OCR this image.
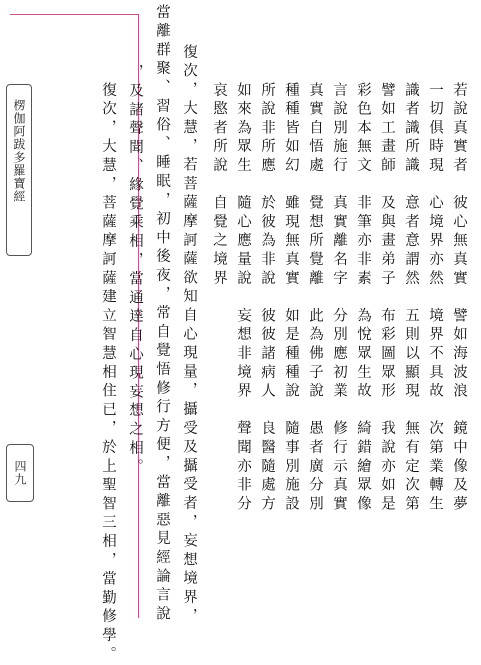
楞伽阿跋多羅寶經
四九	若說真實者　彼心無真實　譬如海波浪　鏡中像及夢
一切俱時現　心境界亦然　境界不具故　次第業轉生
識者識所識　意者意謂然　五則以顯現　無有定次第
譬如工畫師　及與畫弟子　布彩圖眾形　我說亦如是
彩色本無文　非筆亦非素　為悅眾生故　綺錯繪眾像
言說別施行　真實離名字　分別應初業　修行示真實
真實自悟處　覺想所覺離　此為佛子說　愚者廣分別
種種皆如幻　雖現無真實　如是種種說　隨事別施設
所說非所應　於彼為非說　彼彼諸病人　良醫隨處方
如來為眾生　隨心應量說　妄想非境界　聲聞亦非分
哀愍者所說　自覺之境界
復次，大慧，若菩薩摩訶薩欲知自心現量，攝受及攝受者，妄想境界，
當離群聚、習俗、睡眠，初中後夜，常自覺悟修行方便，當離惡見經論言說
，及諸聲聞、緣覺乘相，當通達自心現妄想之相。
復次，大慧，菩薩摩訶薩建立智慧相住已，於上聖智三相，當勤修學。
